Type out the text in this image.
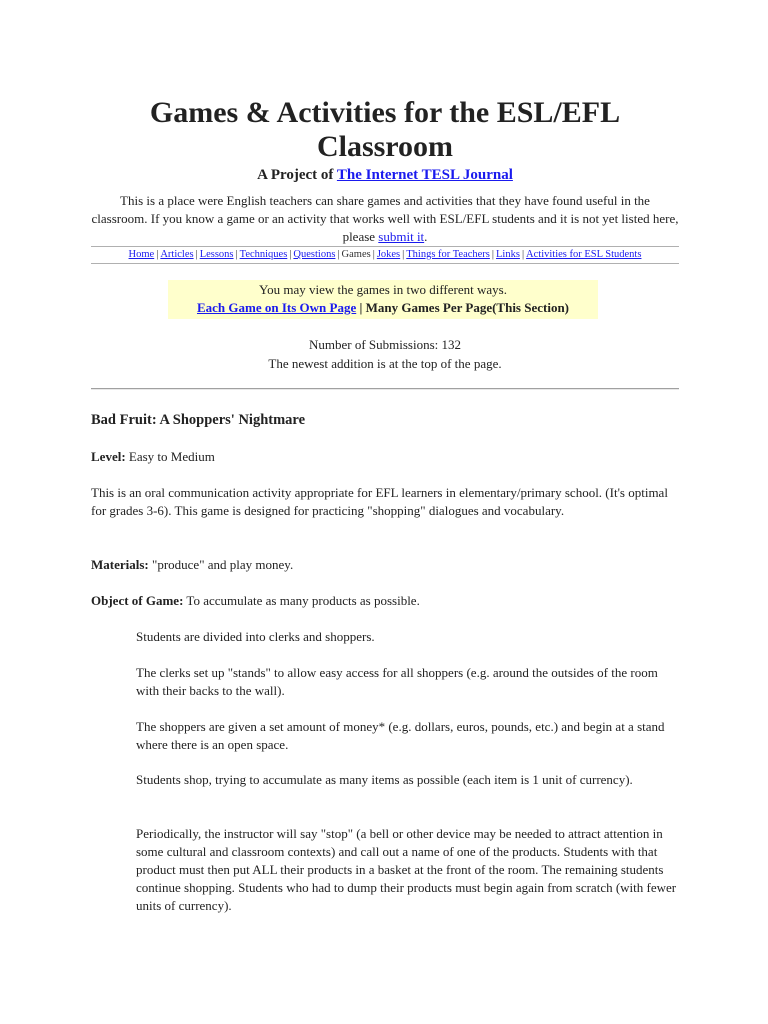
Games & Activities for the ESL/EFL Classroom
A Project of The Internet TESL Journal
This is a place were English teachers can share games and activities that they have found useful in the classroom. If you know a game or an activity that works well with ESL/EFL students and it is not yet listed here, please submit it.
Home | Articles | Lessons | Techniques | Questions | Games | Jokes | Things for Teachers | Links | Activities for ESL Students
You may view the games in two different ways.
Each Game on Its Own Page | Many Games Per Page(This Section)
Number of Submissions: 132
The newest addition is at the top of the page.
Bad Fruit: A Shoppers' Nightmare

Level: Easy to Medium

This is an oral communication activity appropriate for EFL learners in elementary/primary school. (It's optimal for grades 3-6). This game is designed for practicing "shopping" dialogues and vocabulary.

Materials: "produce" and play money.

Object of Game: To accumulate as many products as possible.

Students are divided into clerks and shoppers.

The clerks set up "stands" to allow easy access for all shoppers (e.g. around the outsides of the room with their backs to the wall).

The shoppers are given a set amount of money* (e.g. dollars, euros, pounds, etc.) and begin at a stand where there is an open space.

Students shop, trying to accumulate as many items as possible (each item is 1 unit of currency).

Periodically, the instructor will say "stop" (a bell or other device may be needed to attract attention in some cultural and classroom contexts) and call out a name of one of the products. Students with that product must then put ALL their products in a basket at the front of the room. The remaining students continue shopping. Students who had to dump their products must begin again from scratch (with fewer units of currency).
